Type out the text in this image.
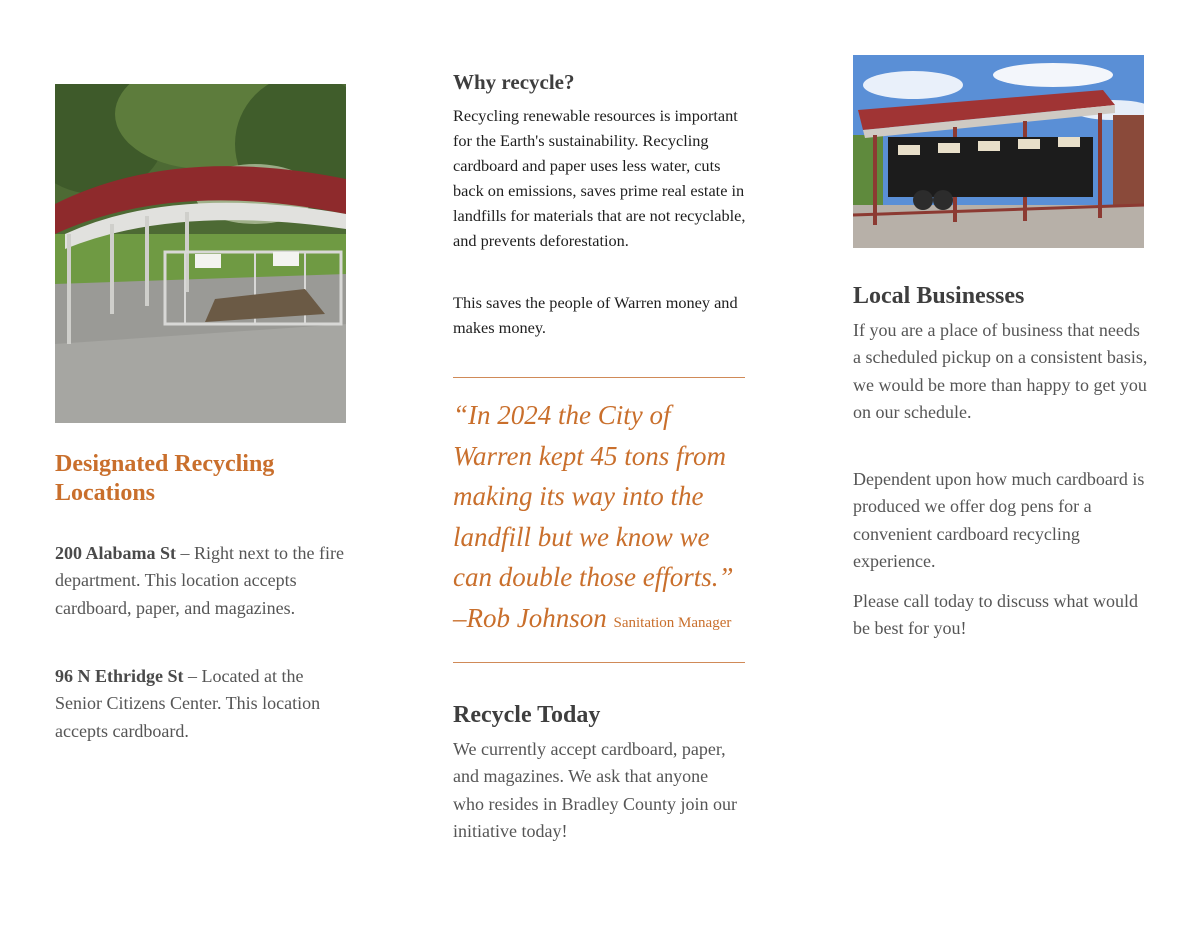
Designated Recycling Locations

200 Alabama St – Right next to the fire department. This location accepts cardboard, paper, and magazines.

96 N Ethridge St – Located at the Senior Citizens Center. This location accepts cardboard.

Why recycle?

Recycling renewable resources is important for the Earth's sustainability. Recycling cardboard and paper uses less water, cuts back on emissions, saves prime real estate in landfills for materials that are not recyclable, and prevents deforestation.

This saves the people of Warren money and makes money.

“In 2024 the City of Warren kept 45 tons from making its way into the landfill but we know we can double those efforts.”
–Rob Johnson Sanitation Manager

Recycle Today

We currently accept cardboard, paper, and magazines. We ask that anyone who resides in Bradley County join our initiative today!

Local Businesses

If you are a place of business that needs a scheduled pickup on a consistent basis, we would be more than happy to get you on our schedule.

Dependent upon how much cardboard is produced we offer dog pens for a convenient cardboard recycling experience.

Please call today to discuss what would be best for you!
